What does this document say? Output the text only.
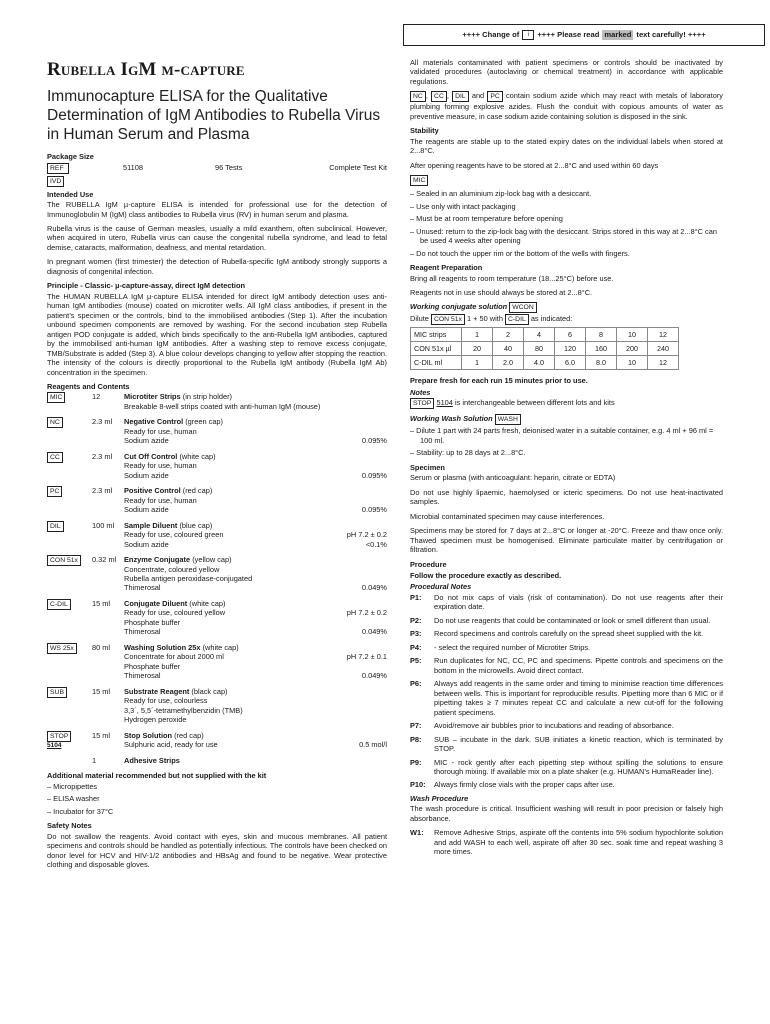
++++ Change of	i	++++ Please read marked text carefully! ++++
Rubella IgM µ-capture
Immunocapture ELISA for the Qualitative Determination of IgM Antibodies to Rubella Virus in Human Serum and Plasma
Package Size
REF	51108	96 Tests	Complete Test Kit
IVD
Intended Use

The RUBELLA IgM µ-capture ELISA is intended for professional use for the detection of Immunoglobulin M (IgM) class antibodies to Rubella virus (RV) in human serum and plasma.

Rubella virus is the cause of German measles, usually a mild exanthem, often subclinical. However, when acquired in utero, Rubella virus can cause the congenital rubella syndrome, and lead to fetal demise, cataracts, malformation, deafness, and mental retardation.

In pregnant women (first trimester) the detection of Rubella-specific IgM antibody strongly supports a diagnosis of congenital infection.

Principle - Classic- µ-capture-assay, direct IgM detection

The HUMAN RUBELLA IgM µ-capture ELISA intended for direct IgM antibody detection uses anti-human IgM antibodies (mouse) coated on microtiter wells. All IgM class antibodies, if present in the patient’s specimen or the controls, bind to the immobilised antibodies (Step 1). After the incubation unbound specimen components are removed by washing. For the second incubation step Rubella antigen POD conjugate is added, which binds specifically to the anti-Rubella IgM antibodies, captured by the immobilised anti-human IgM antibodies. After a washing step to remove excess conjugate, TMB/Substrate is added (Step 3). A blue colour develops changing to yellow after stopping the reaction. The intensity of the colours is directly proportional to the Rubella IgM antibody (Rubella IgM Ab) concentration in the specimen.

Reagents and Contents
MIC	12	Microtiter Strips (in strip holder)
Breakable 8-well strips coated with anti-human IgM (mouse)
NC	2.3 ml	Negative Control (green cap)
Ready for use, human
Sodium azide	0.095%
CC	2.3 ml	Cut Off Control (white cap)
Ready for use, human
Sodium azide	0.095%
PC	2.3 ml	Positive Control (red cap)
Ready for use, human
Sodium azide	0.095%
DIL	100 ml	Sample Diluent (blue cap)
Ready for use, coloured green	pH 7.2 ± 0.2
Sodium azide	<0.1%
CON 51x	0.32 ml	Enzyme Conjugate (yellow cap)
Concentrate, coloured yellow
Rubella antigen peroxidase-conjugated
Thimerosal	0.049%
C-DIL	15 ml	Conjugate Diluent (white cap)
Ready for use, coloured yellow	pH 7.2 ± 0.2
Phosphate buffer
Thimerosal	0.049%
WS 25x	80 ml	Washing Solution 25x (white cap)
Concentrate for about 2000 ml	pH 7.2 ± 0.1
Phosphate buffer
Thimerosal	0.049%
SUB	15 ml	Substrate Reagent (black cap)
Ready for use, colourless
3,3´, 5,5´-tetramethylbenzidin (TMB)
Hydrogen peroxide
STOP
5104
15 ml	Stop Solution (red cap)
Sulphuric acid, ready for use	0.5 mol/l
1	Adhesive Strips
Additional material recommended but not supplied with the kit
– Micropipettes
– ELISA washer
– Incubator for 37°C
Safety Notes

Do not swallow the reagents. Avoid contact with eyes, skin and mucous membranes. All patient specimens and controls should be handled as potentially infectious. The controls have been checked on donor level for HCV and HIV-1/2 antibodies and HBsAg and found to be negative. Wear protective clothing and disposable gloves.

All materials contaminated with patient specimens or controls should be inactivated by validated procedures (autoclaving or chemical treatment) in accordance with applicable regulations.

NC , CC , DIL and PC contain sodium azide which may react with metals of laboratory plumbing forming explosive azides. Flush the conduit with copious amounts of water as preventive measure, in case sodium azide containing solution is disposed in the sink.

Stability

The reagents are stable up to the stated expiry dates on the individual labels when stored at 2...8°C.

After opening reagents have to be stored at 2...8°C and used within 60 days

MIC
– Sealed in an aluminium zip-lock bag with a desiccant.
– Use only with intact packaging
– Must be at room temperature before opening
– Unused: return to the zip-lock bag with the desiccant. Strips stored in this way at 2...8°C can be used 4 weeks after opening
– Do not touch the upper rim or the bottom of the wells with fingers.
Reagent Preparation

Bring all reagents to room temperature (18...25°C) before use.

Reagents not in use should always be stored at 2...8°C.

Working conjugate solution WCON
Dilute CON 51x 1 + 50 with C-DIL as indicated:
MIC strips	1	2	4	6	8	10	12
CON 51x µl	20	40	80	120	160	200	240
C-DIL ml	1	2.0	4.0	6.0	8.0	10	12

Prepare fresh for each run 15 minutes prior to use.

Notes

STOP 5104 is interchangeable between different lots and kits

Working Wash Solution WASH
– Dilute 1 part with 24 parts fresh, deionised water in a suitable container, e.g. 4 ml + 96 ml = 100 ml.
– Stability: up to 28 days at 2...8°C.
Specimen

Serum or plasma (with anticoagulant: heparin, citrate or EDTA)

Do not use highly lipaemic, haemolysed or icteric specimens. Do not use heat-inactivated samples.

Microbial contaminated specimen may cause interferences.

Specimens may be stored for 7 days at 2...8°C or longer at -20°C. Freeze and thaw once only. Thawed specimen must be homogenised. Eliminate particulate matter by centrifugation or filtration.

Procedure

Follow the procedure exactly as described.

Procedural Notes
P1:	Do not mix caps of vials (risk of contamination). Do not use reagents after their expiration date.
P2:	Do not use reagents that could be contaminated or look or smell different than usual.
P3:	Record specimens and controls carefully on the spread sheet supplied with the kit.
P4:	- select the required number of Microtiter Strips.
P5:	Run duplicates for NC, CC, PC and specimens. Pipette controls and specimens on the bottom in the microwells. Avoid direct contact.
P6:	Always add reagents in the same order and timing to minimise reaction time differences between wells. This is important for reproducible results. Pipetting more than 6 MIC or if pipetting takes ≥ 7 minutes repeat CC and calculate a new cut-off for the following patient specimens.
P7:	Avoid/remove air bubbles prior to incubations and reading of absorbance.
P8:	SUB – incubate in the dark. SUB initiates a kinetic reaction, which is terminated by STOP.
P9:	MIC - rock gently after each pipetting step without spilling the solutions to ensure thorough mixing. If available mix on a plate shaker (e.g. HUMAN’s HumaReader line).
P10:	Always firmly close vials with the proper caps after use.
Wash Procedure

The wash procedure is critical. Insufficient washing will result in poor precision or falsely high absorbance.

W1:	Remove Adhesive Strips, aspirate off the contents into 5% sodium hypochlorite solution and add WASH to each well, aspirate off after 30 sec. soak time and repeat washing 3 more times.
